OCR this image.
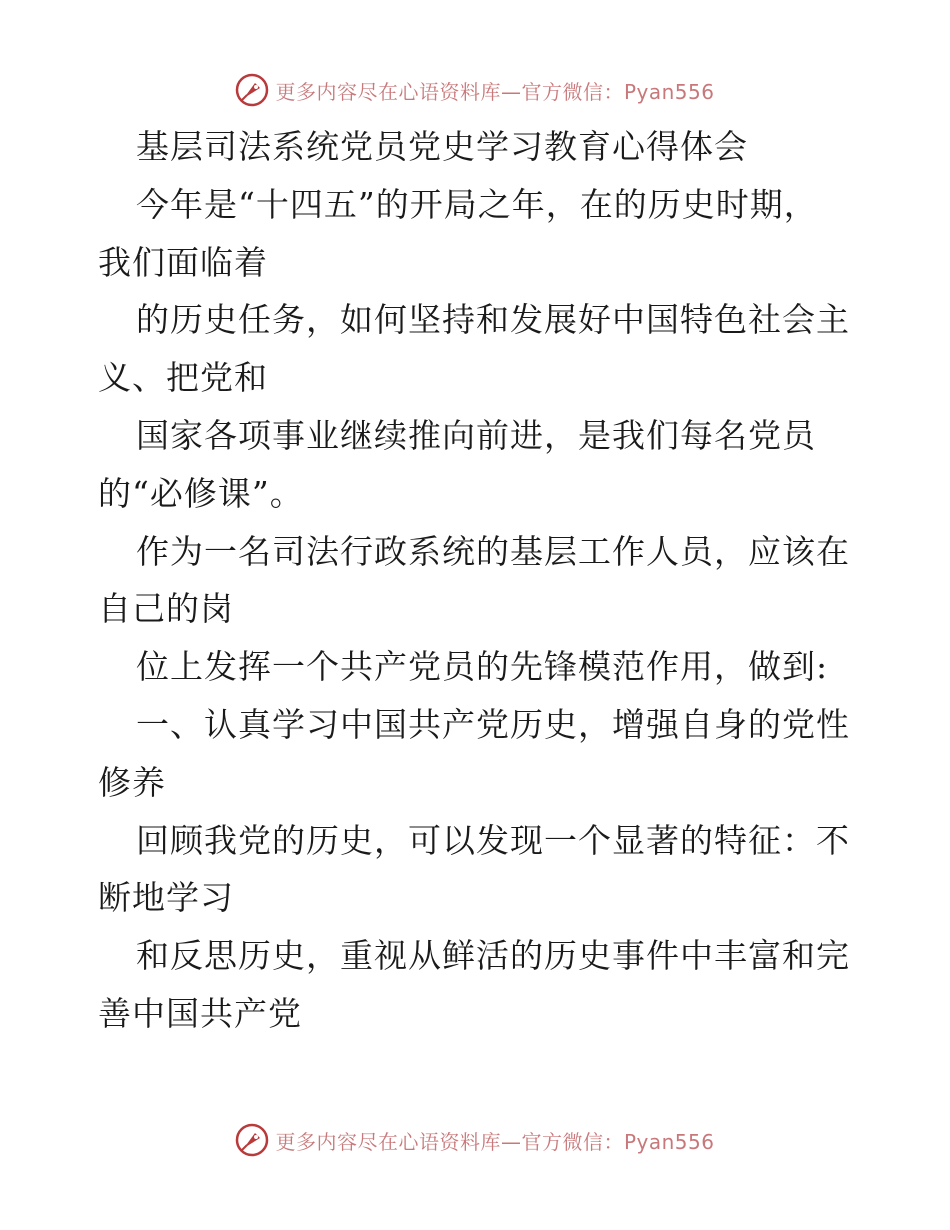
更多内容尽在心语资料库—官方微信：Pyan556
基层司法系统党员党史学习教育心得体会
今年是“十四五”的开局之年，在的历史时期，
我们面临着
的历史任务，如何坚持和发展好中国特色社会主
义、把党和
国家各项事业继续推向前进，是我们每名党员
的“必修课”。
作为一名司法行政系统的基层工作人员，应该在
自己的岗
位上发挥一个共产党员的先锋模范作用，做到:
一、认真学习中国共产党历史，增强自身的党性
修养
回顾我党的历史，可以发现一个显著的特征：不
断地学习
和反思历史，重视从鲜活的历史事件中丰富和完
善中国共产党
更多内容尽在心语资料库—官方微信：Pyan556
